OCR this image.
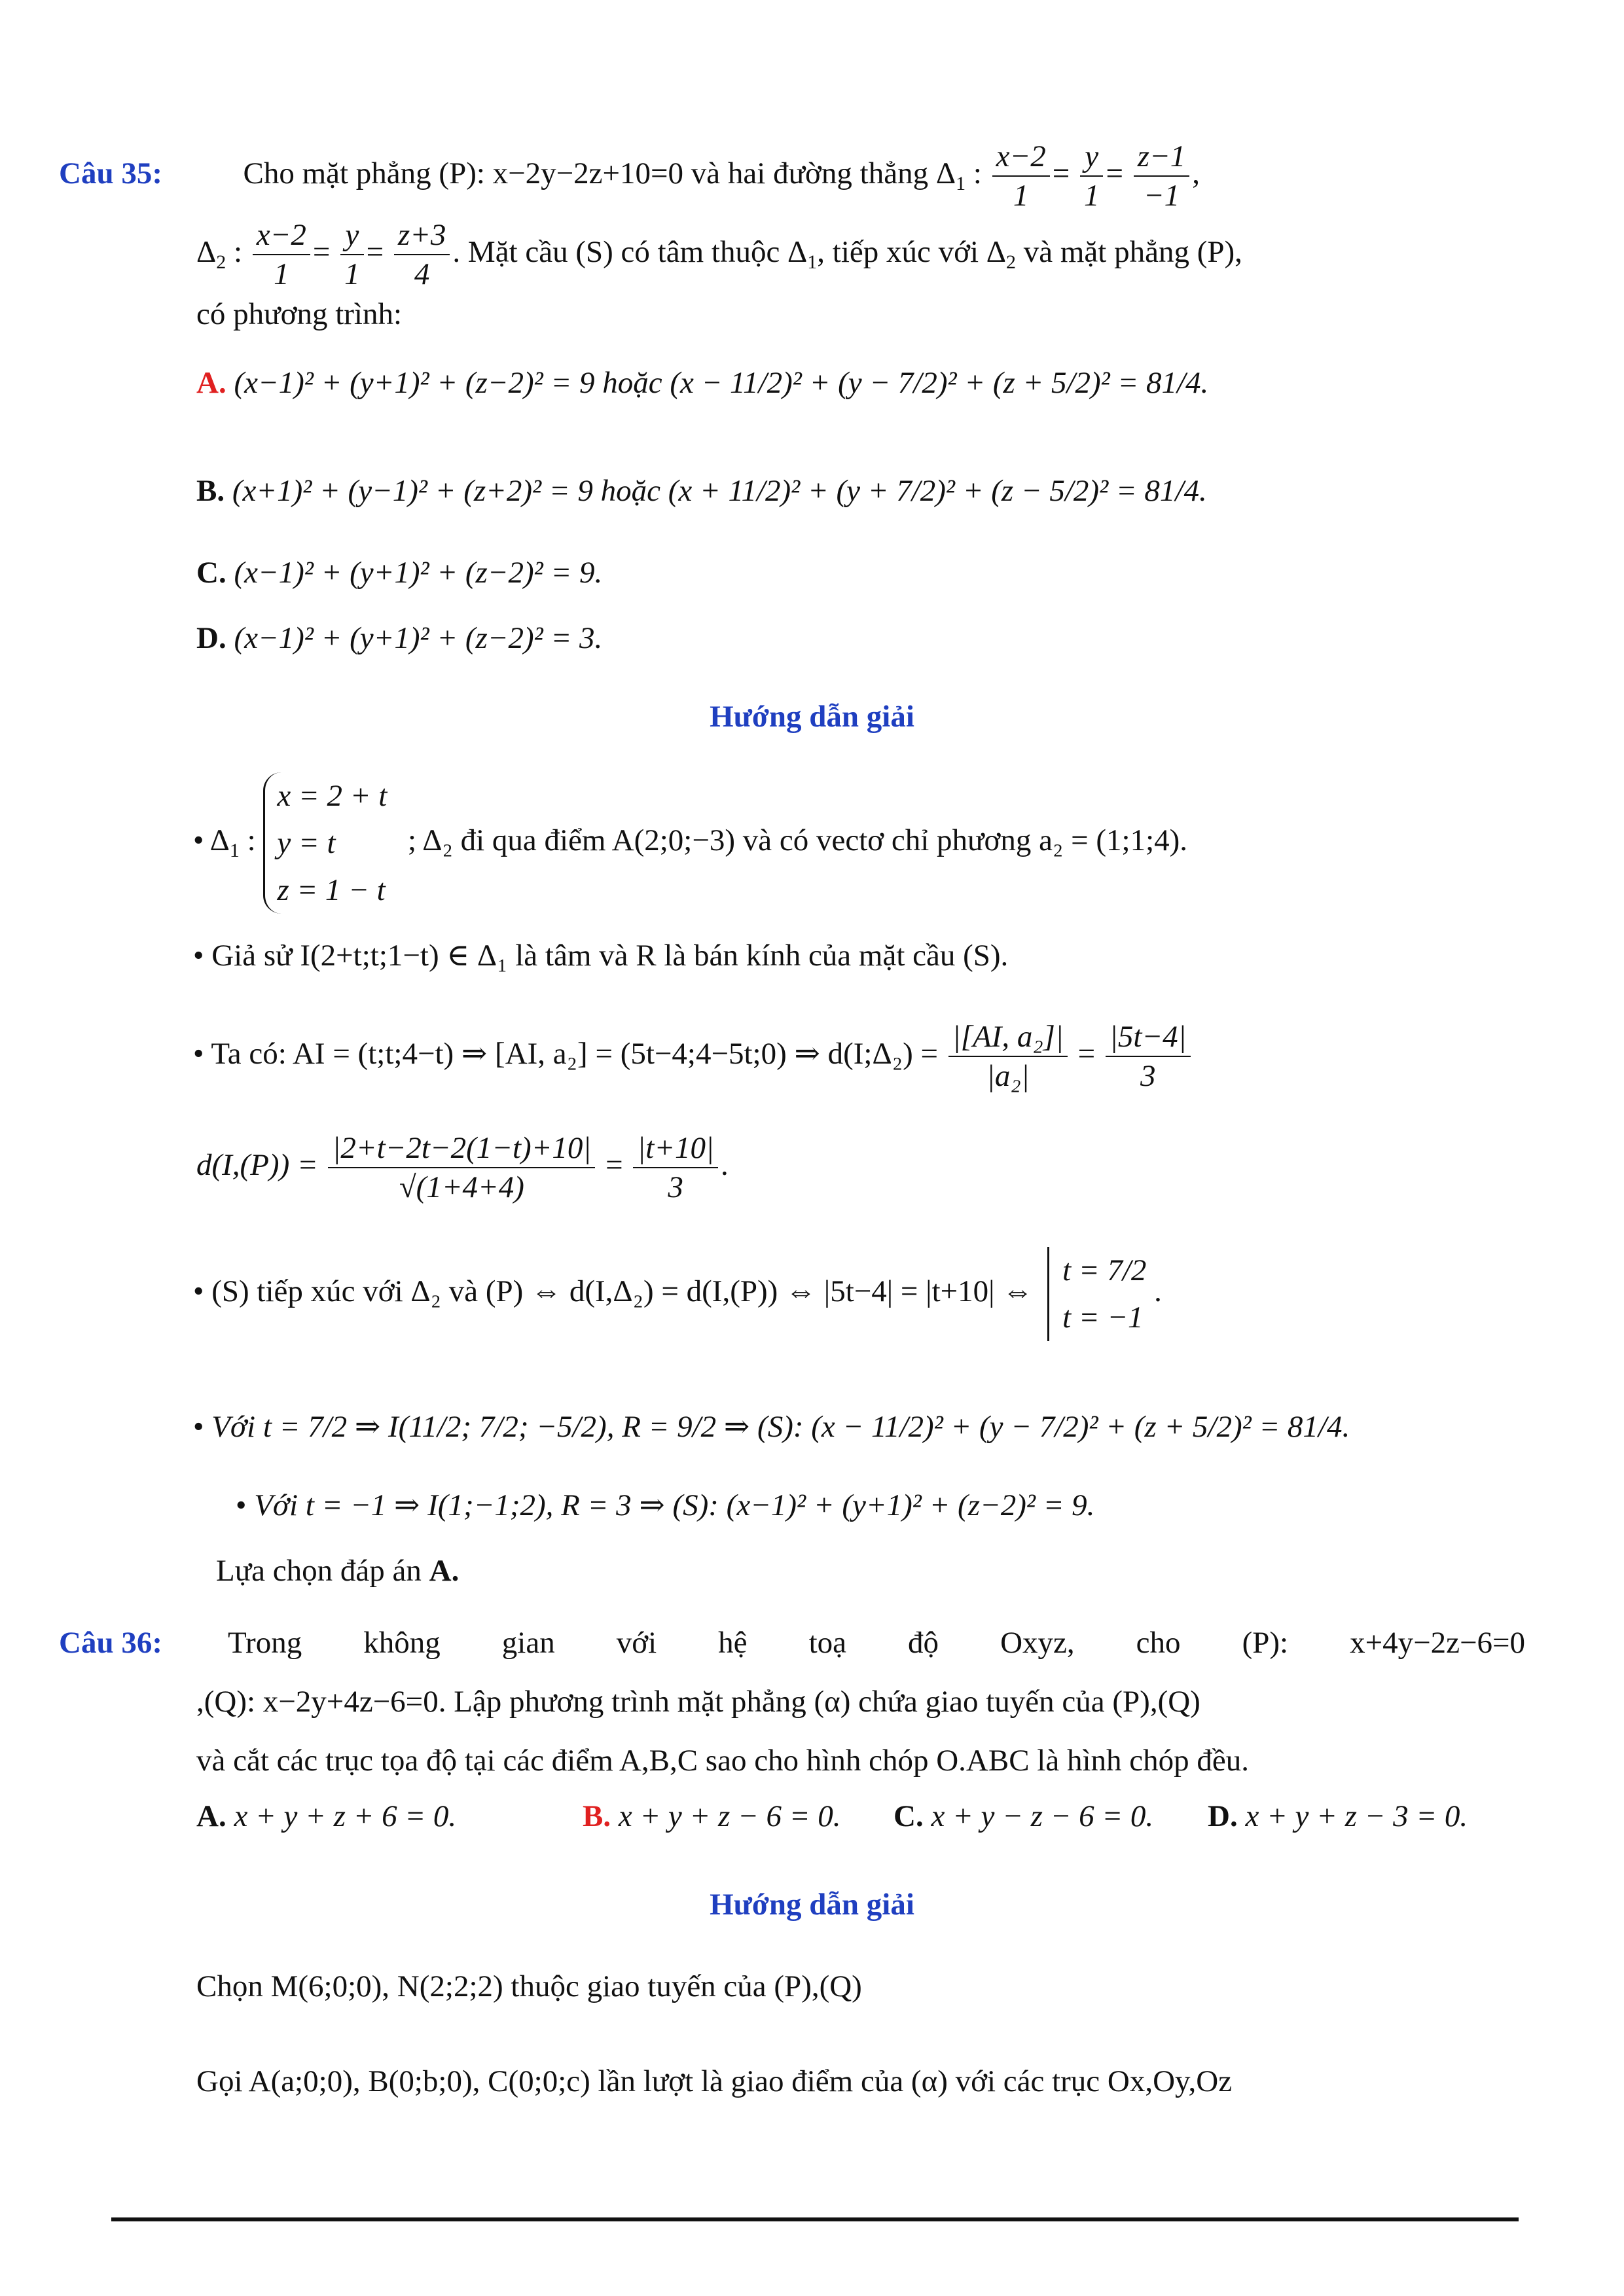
Câu 35:	Cho mặt phẳng (P): x−2y−2z+10=0 và hai đường thẳng $\Delta_1$ : $\frac{x-2}{1} = \frac{y}{1} = \frac{z-1}{-1}$ ,
$\Delta_2$ : $\frac{x-2}{1} = \frac{y}{1} = \frac{z+3}{4}$ . Mặt cầu (S) có tâm thuộc $\Delta_1$, tiếp xúc với $\Delta_2$ và mặt phẳng (P),
có phương trình:
A. (x−1)² + (y+1)² + (z−2)² = 9 hoặc (x − 11/2)² + (y − 7/2)² + (z + 5/2)² = 81/4.
B. (x+1)² + (y−1)² + (z+2)² = 9 hoặc (x + 11/2)² + (y + 7/2)² + (z − 5/2)² = 81/4.
C. (x−1)² + (y+1)² + (z−2)² = 9.
D. (x−1)² + (y+1)² + (z−2)² = 3.
Hướng dẫn giải
• $\Delta_1$ :
x = 2 + t
y = t
z = 1 − t
; Δ₂ đi qua điểm A(2;0;−3) và có vectơ chỉ phương a₂ = (1;1;4).
• Giả sử I(2+t;t;1−t) ∈ Δ₁ là tâm và R là bán kính của mặt cầu (S).
• Ta có: AI = (t;t;4−t) ⇒ [AI, a₂] = (5t−4;4−5t;0) ⇒ d(I;Δ₂) = $\frac{\text{|[AI, a₂]|}}{\text{|a₂|}} = \frac{|5t-4|}{3}$
$d(I,(P)) = \frac{|2+t-2t-2(1-t)+10|}{√(1+4+4)} = \frac{|t+10|}{3}$ .
• (S) tiếp xúc với Δ₂ và (P) ⇔ d(I,Δ₂) = d(I,(P)) ⇔ |5t−4| = |t+10| ⇔
t = 7/2
t = −1
.
• Với t = 7/2 ⇒ I(11/2; 7/2; −5/2), R = 9/2 ⇒ (S): (x − 11/2)² + (y − 7/2)² + (z + 5/2)² = 81/4.
• Với t = −1 ⇒ I(1;−1;2), R = 3 ⇒ (S): (x−1)² + (y+1)² + (z−2)² = 9.
Lựa chọn đáp án A.
Câu 36: Trong không gian với hệ toạ độ Oxyz, cho (P): x+4y−2z−6=0
,(Q): x−2y+4z−6=0. Lập phương trình mặt phẳng (α) chứa giao tuyến của (P),(Q)
và cắt các trục tọa độ tại các điểm A,B,C sao cho hình chóp O.ABC là hình chóp đều.
A. x + y + z + 6 = 0.	B. x + y + z − 6 = 0. C. x + y − z − 6 = 0. D. x + y + z − 3 = 0.
Hướng dẫn giải
Chọn M(6;0;0), N(2;2;2) thuộc giao tuyến của (P),(Q)
Gọi A(a;0;0), B(0;b;0), C(0;0;c) lần lượt là giao điểm của (α) với các trục Ox,Oy,Oz
